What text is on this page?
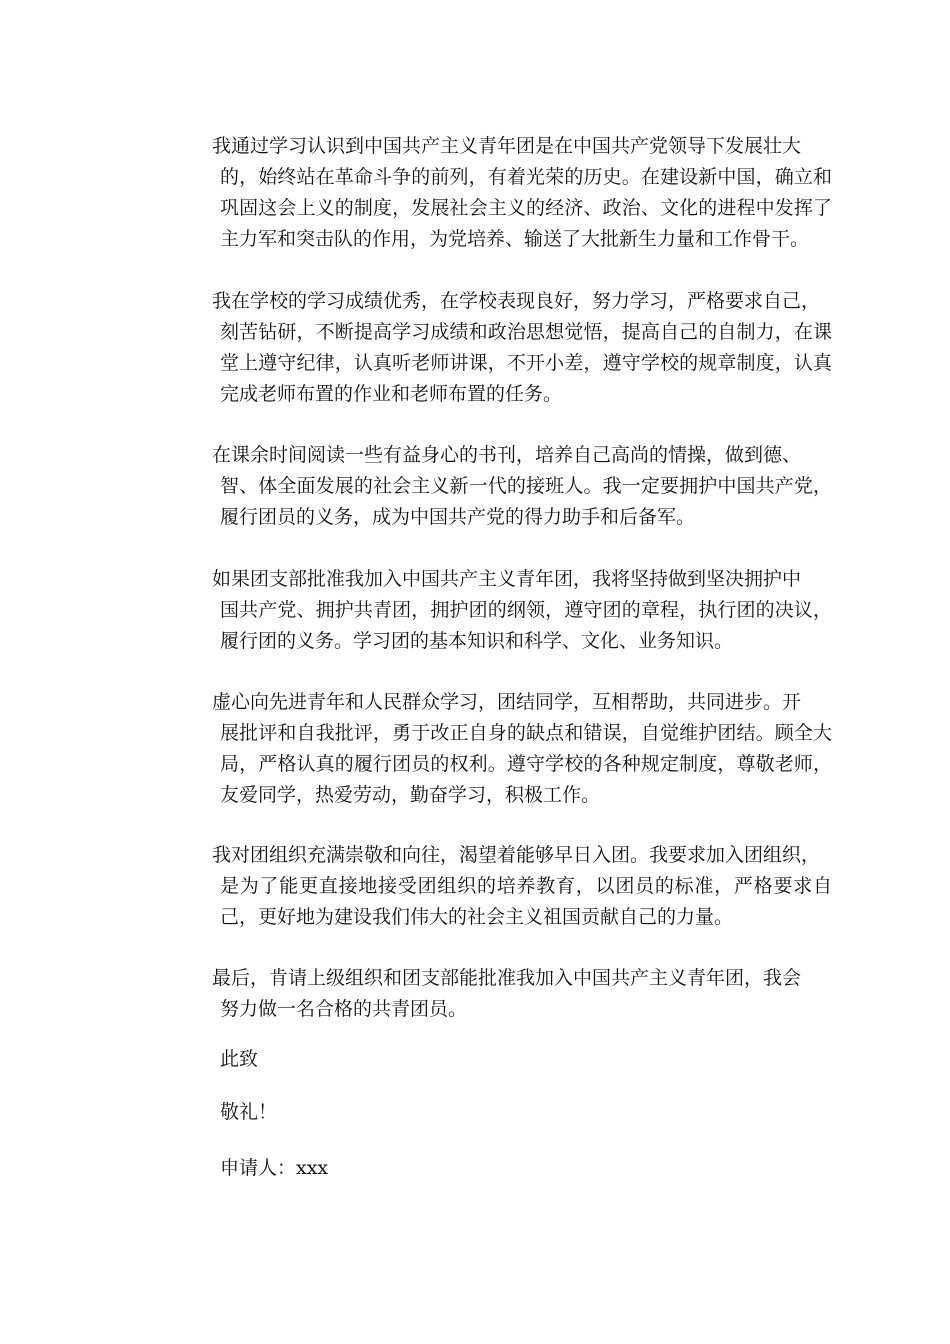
我通过学习认识到中国共产主义青年团是在中国共产党领导下发展壮大
的，始终站在革命斗争的前列，有着光荣的历史。在建设新中国，确立和巩固这会上义的制度，发展社会主义的经济、政治、文化的进程中发挥了主力军和突击队的作用，为党培养、输送了大批新生力量和工作骨干。
我在学校的学习成绩优秀，在学校表现良好，努力学习，严格要求自己，
刻苦钻研，不断提高学习成绩和政治思想觉悟，提高自己的自制力，在课堂上遵守纪律，认真听老师讲课，不开小差，遵守学校的规章制度，认真完成老师布置的作业和老师布置的任务。
在课余时间阅读一些有益身心的书刊，培养自己高尚的情操，做到德、
智、体全面发展的社会主义新一代的接班人。我一定要拥护中国共产党，履行团员的义务，成为中国共产党的得力助手和后备军。
如果团支部批准我加入中国共产主义青年团，我将坚持做到坚决拥护中
国共产党、拥护共青团，拥护团的纲领，遵守团的章程，执行团的决议，履行团的义务。学习团的基本知识和科学、文化、业务知识。
虚心向先进青年和人民群众学习，团结同学，互相帮助，共同进步。开
展批评和自我批评，勇于改正自身的缺点和错误，自觉维护团结。顾全大局，严格认真的履行团员的权利。遵守学校的各种规定制度，尊敬老师，友爱同学，热爱劳动，勤奋学习，积极工作。
我对团组织充满崇敬和向往，渴望着能够早日入团。我要求加入团组织，
是为了能更直接地接受团组织的培养教育，以团员的标准，严格要求自己，更好地为建设我们伟大的社会主义祖国贡献自己的力量。
最后，肯请上级组织和团支部能批准我加入中国共产主义青年团，我会
努力做一名合格的共青团员。
此致
敬礼！
申请人：xxx
